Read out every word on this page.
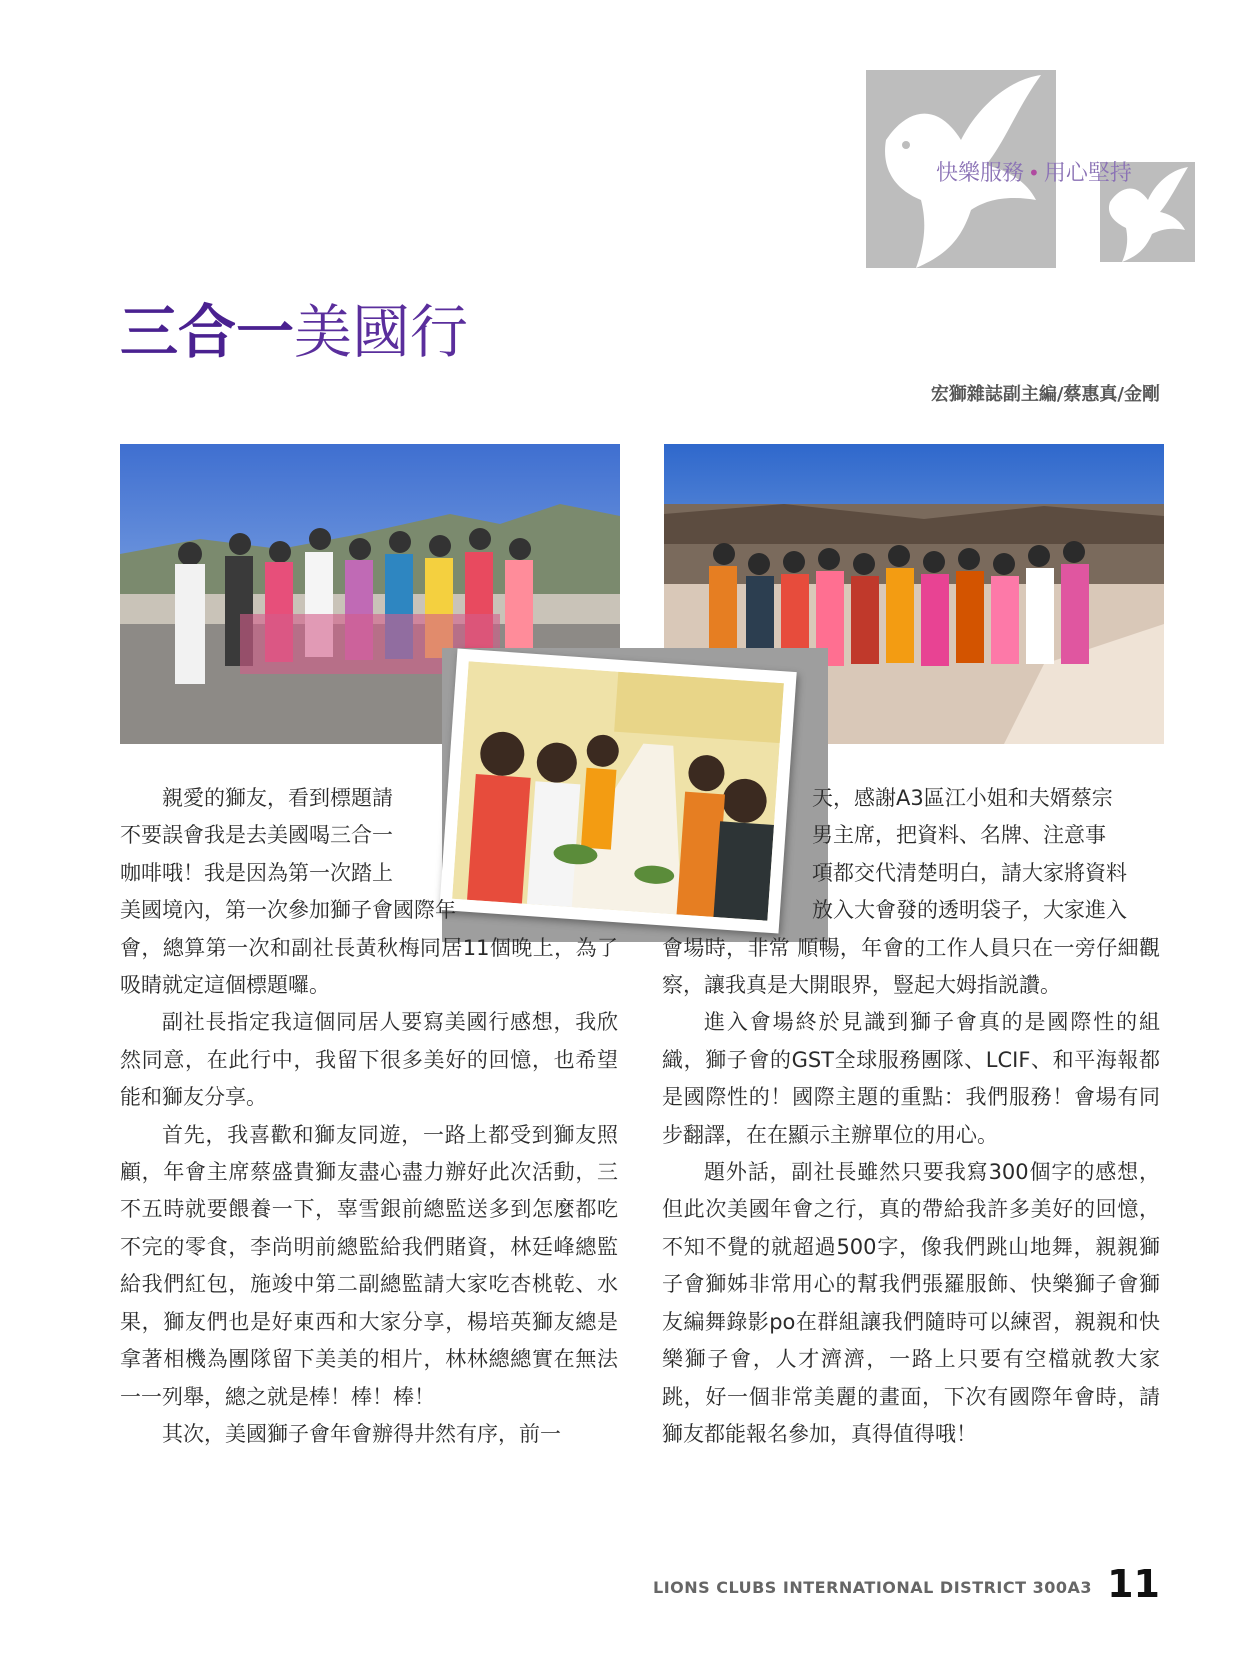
快樂服務 • 用心堅持
三合一美國行
宏獅雜誌副主編/蔡惠真/金剛

親愛的獅友，看到標題請

不要誤會我是去美國喝三合一

咖啡哦！我是因為第一次踏上

美國境內，第一次參加獅子會國際年

會，總算第一次和副社長黃秋梅同居11個晚上，為了吸睛就定這個標題囉。

副社長指定我這個同居人要寫美國行感想，我欣然同意，在此行中，我留下很多美好的回憶，也希望能和獅友分享。

首先，我喜歡和獅友同遊，一路上都受到獅友照顧，年會主席蔡盛貴獅友盡心盡力辦好此次活動，三不五時就要餵養一下，辜雪銀前總監送多到怎麼都吃不完的零食，李尚明前總監給我們賭資，林廷峰總監給我們紅包，施竣中第二副總監請大家吃杏桃乾、水果，獅友們也是好東西和大家分享，楊培英獅友總是拿著相機為團隊留下美美的相片，林林總總實在無法一一列舉，總之就是棒！棒！棒！

其次，美國獅子會年會辦得井然有序，前一

天，感謝A3區江小姐和夫婿蔡宗

男主席，把資料、名牌、注意事

項都交代清楚明白，請大家將資料

放入大會發的透明袋子，大家進入

會場時，非常 順暢，年會的工作人員只在一旁仔細觀察，讓我真是大開眼界，豎起大姆指説讚。

進入會場終於見識到獅子會真的是國際性的組織，獅子會的GST全球服務團隊、LCIF、和平海報都是國際性的！國際主題的重點：我們服務！會場有同步翻譯，在在顯示主辦單位的用心。

題外話，副社長雖然只要我寫300個字的感想，但此次美國年會之行，真的帶給我許多美好的回憶，不知不覺的就超過500字，像我們跳山地舞，親親獅子會獅姊非常用心的幫我們張羅服飾、快樂獅子會獅友編舞錄影po在群組讓我們隨時可以練習，親親和快樂獅子會，人才濟濟，一路上只要有空檔就教大家跳，好一個非常美麗的畫面，下次有國際年會時，請獅友都能報名參加，真得值得哦！

LIONS CLUBS INTERNATIONAL DISTRICT 300A3 11
